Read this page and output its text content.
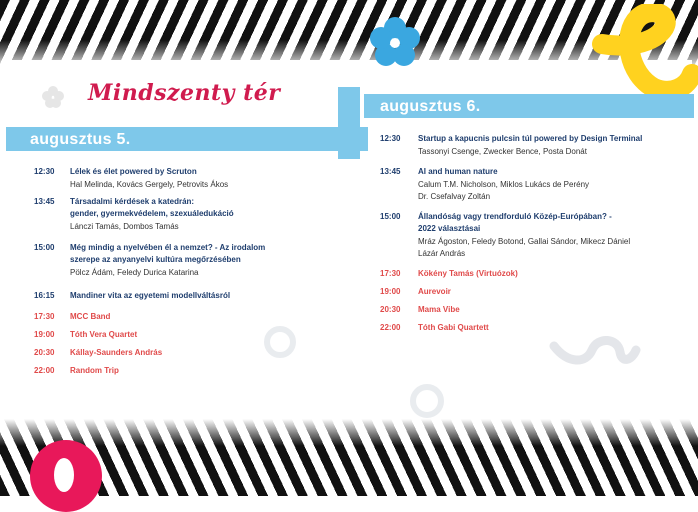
Mindszenty tér
augusztus 5.
augusztus 6.
12:30 Lélek és élet powered by Scruton
Hal Melinda, Kovács Gergely, Petrovits Ákos
13:45 Társadalmi kérdések a katedrán:
gender, gyermekvédelem, szexuáledukáció
Lánczi Tamás, Dombos Tamás
15:00 Még mindig a nyelvében él a nemzet? - Az irodalom
szerepe az anyanyelvi kultúra megőrzésében
Pölcz Ádám, Feledy Durica Katarina
16:15 Mandiner vita az egyetemi modellváltásról
17:30 MCC Band
19:00 Tóth Vera Quartet
20:30 Kállay-Saunders András
22:00 Random Trip
12:30 Startup a kapucnis pulcsin túl powered by Design Terminal
Tassonyi Csenge, Zwecker Bence, Posta Donát
13:45 AI and human nature
Calum T.M. Nicholson, Miklos Lukács de Perény
Dr. Csefalvay Zoltán
15:00 Állandóság vagy trendforduló Közép-Európában? -
2022 választásai
Mráz Ágoston, Feledy Botond, Gallai Sándor, Mikecz Dániel
Lázár András
17:30 Kökény Tamás (Virtuózok)
19:00 Aurevoir
20:30 Mama Vibe
22:00 Tóth Gabi Quartett
